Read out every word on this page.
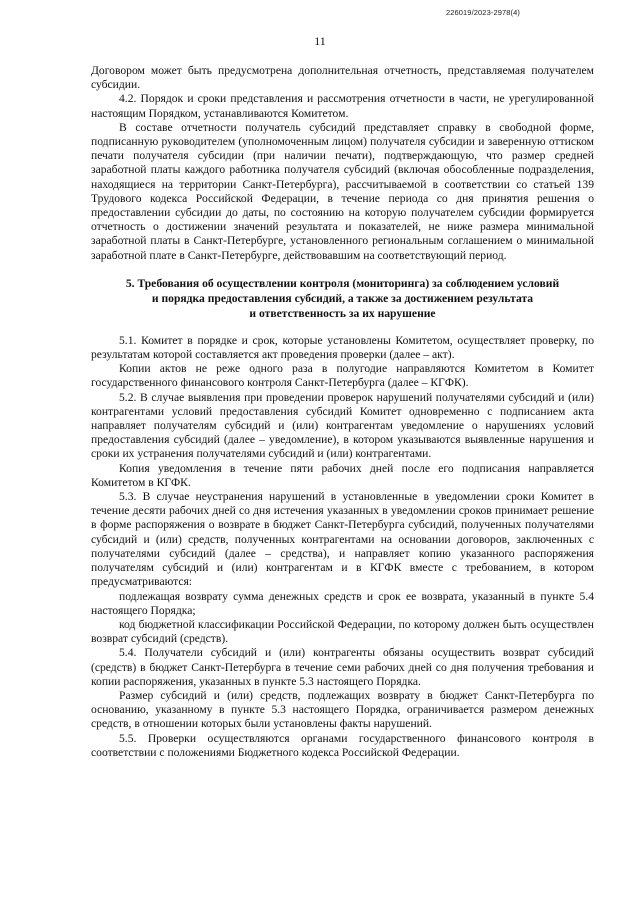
226019/2023-2978(4)
11

Договором может быть предусмотрена дополнительная отчетность, представляемая получателем субсидии.

4.2. Порядок и сроки представления и рассмотрения отчетности в части, не урегулированной настоящим Порядком, устанавливаются Комитетом.

В составе отчетности получатель субсидий представляет справку в свободной форме, подписанную руководителем (уполномоченным лицом) получателя субсидии и заверенную оттиском печати получателя субсидии (при наличии печати), подтверждающую, что размер средней заработной платы каждого работника получателя субсидий (включая обособленные подразделения, находящиеся на территории Санкт-Петербурга), рассчитываемой в соответствии со статьей 139 Трудового кодекса Российской Федерации, в течение периода со дня принятия решения о предоставлении субсидии до даты, по состоянию на которую получателем субсидии формируется отчетность о достижении значений результата и показателей, не ниже размера минимальной заработной платы в Санкт-Петербурге, установленного региональным соглашением о минимальной заработной плате в Санкт-Петербурге, действовавшим на соответствующий период.

5. Требования об осуществлении контроля (мониторинга) за соблюдением условий
и порядка предоставления субсидий, а также за достижением результата
и ответственность за их нарушение

5.1. Комитет в порядке и срок, которые установлены Комитетом, осуществляет проверку, по результатам которой составляется акт проведения проверки (далее – акт).

Копии актов не реже одного раза в полугодие направляются Комитетом в Комитет государственного финансового контроля Санкт-Петербурга (далее – КГФК).

5.2. В случае выявления при проведении проверок нарушений получателями субсидий и (или) контрагентами условий предоставления субсидий Комитет одновременно с подписанием акта направляет получателям субсидий и (или) контрагентам уведомление о нарушениях условий предоставления субсидий (далее – уведомление), в котором указываются выявленные нарушения и сроки их устранения получателями субсидий и (или) контрагентами.

Копия уведомления в течение пяти рабочих дней после его подписания направляется Комитетом в КГФК.

5.3. В случае неустранения нарушений в установленные в уведомлении сроки Комитет в течение десяти рабочих дней со дня истечения указанных в уведомлении сроков принимает решение в форме распоряжения о возврате в бюджет Санкт-Петербурга субсидий, полученных получателями субсидий и (или) средств, полученных контрагентами на основании договоров, заключенных с получателями субсидий (далее – средства), и направляет копию указанного распоряжения получателям субсидий и (или) контрагентам и в КГФК вместе с требованием, в котором предусматриваются:

подлежащая возврату сумма денежных средств и срок ее возврата, указанный в пункте 5.4 настоящего Порядка;

код бюджетной классификации Российской Федерации, по которому должен быть осуществлен возврат субсидий (средств).

5.4. Получатели субсидий и (или) контрагенты обязаны осуществить возврат субсидий (средств) в бюджет Санкт-Петербурга в течение семи рабочих дней со дня получения требования и копии распоряжения, указанных в пункте 5.3 настоящего Порядка.

Размер субсидий и (или) средств, подлежащих возврату в бюджет Санкт-Петербурга по основанию, указанному в пункте 5.3 настоящего Порядка, ограничивается размером денежных средств, в отношении которых были установлены факты нарушений.

5.5. Проверки осуществляются органами государственного финансового контроля в соответствии с положениями Бюджетного кодекса Российской Федерации.
